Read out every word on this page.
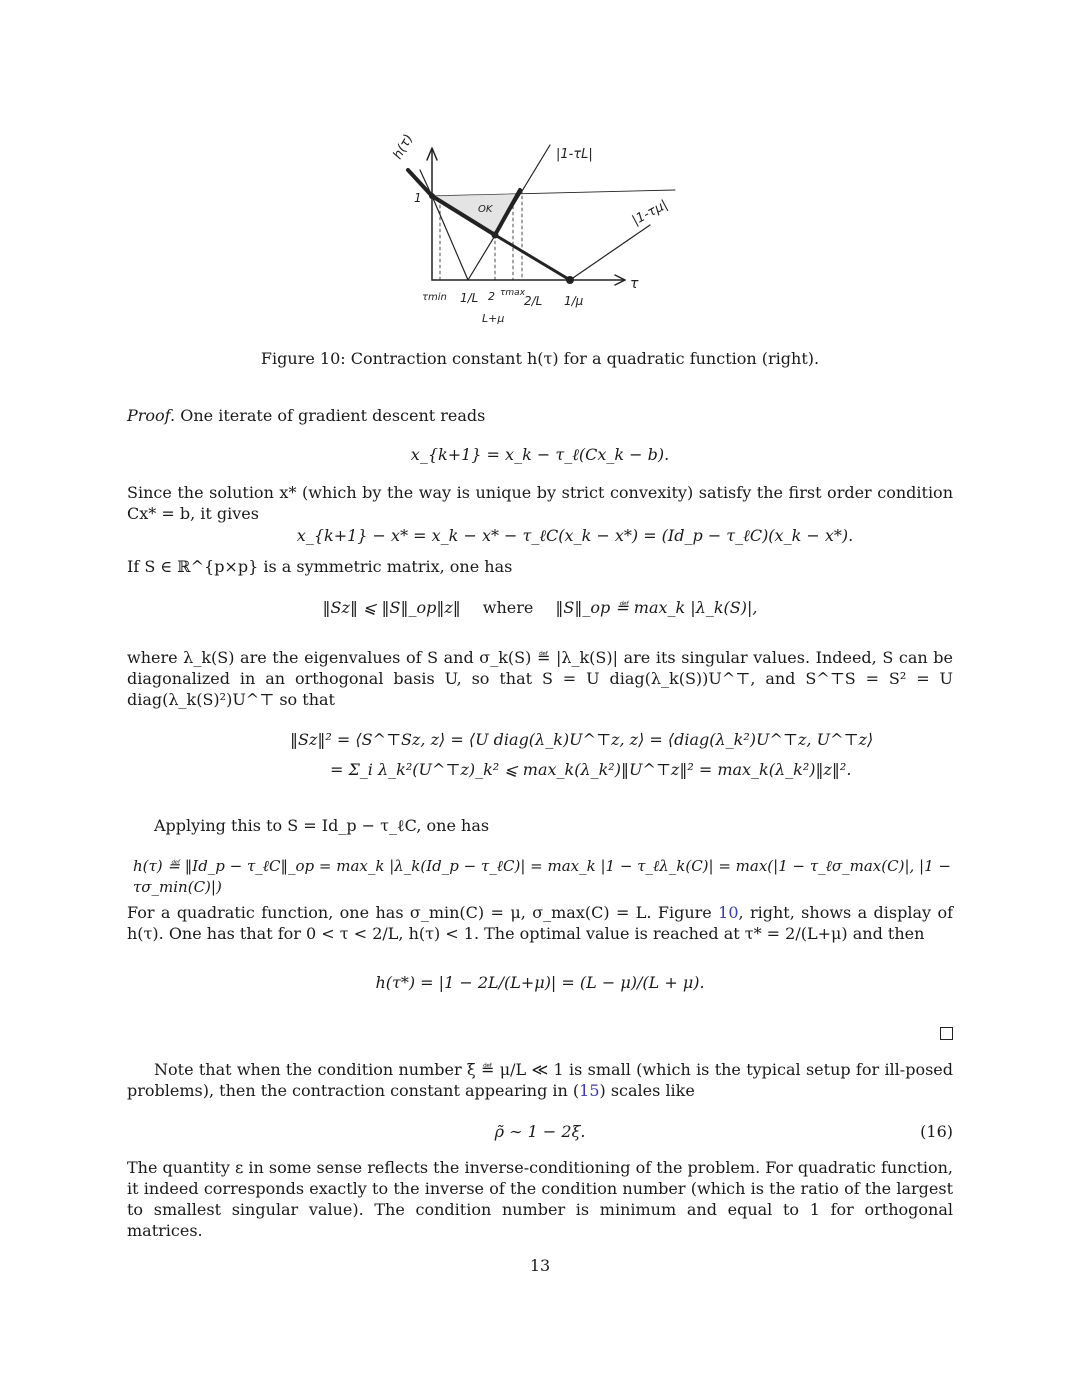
h(τ)
1
|1-τL|
|1-τμ|
τ
OK
τmin 1/L 2
L+μ
τmax
2/L 1/μ
Figure 10: Contraction constant h(τ) for a quadratic function (right).
Proof. One iterate of gradient descent reads
x_{k+1} = x_k − τ_ℓ(Cx_k − b).
Since the solution x* (which by the way is unique by strict convexity) satisfy the first order condition Cx* = b, it gives
x_{k+1} − x* = x_k − x* − τ_ℓC(x_k − x*) = (Id_p − τ_ℓC)(x_k − x*).
If S ∈ ℝ^{p×p} is a symmetric matrix, one has
‖Sz‖ ⩽ ‖S‖_op‖z‖ where ‖S‖_op ≝ max_k |λ_k(S)|,
where λ_k(S) are the eigenvalues of S and σ_k(S) ≝ |λ_k(S)| are its singular values. Indeed, S can be diagonalized in an orthogonal basis U, so that S = U diag(λ_k(S))U^⊤, and S^⊤S = S² = U diag(λ_k(S)²)U^⊤ so that
‖Sz‖² = ⟨S^⊤Sz, z⟩ = ⟨U diag(λ_k)U^⊤z, z⟩ = ⟨diag(λ_k²)U^⊤z, U^⊤z⟩
= Σ_i λ_k²(U^⊤z)_k² ⩽ max_k(λ_k²)‖U^⊤z‖² = max_k(λ_k²)‖z‖².
Applying this to S = Id_p − τ_ℓC, one has
h(τ) ≝ ‖Id_p − τ_ℓC‖_op = max_k |λ_k(Id_p − τ_ℓC)| = max_k |1 − τ_ℓλ_k(C)| = max(|1 − τ_ℓσ_max(C)|, |1 − τσ_min(C)|)
For a quadratic function, one has σ_min(C) = μ, σ_max(C) = L. Figure 10, right, shows a display of h(τ). One has that for 0 < τ < 2/L, h(τ) < 1. The optimal value is reached at τ* = 2/(L+μ) and then
h(τ*) = |1 − 2L/(L+μ)| = (L − μ)/(L + μ).
Note that when the condition number ξ ≝ μ/L ≪ 1 is small (which is the typical setup for ill-posed problems), then the contraction constant appearing in (15) scales like
ρ̃ ∼ 1 − 2ξ.	(16)
The quantity ε in some sense reflects the inverse-conditioning of the problem. For quadratic function, it indeed corresponds exactly to the inverse of the condition number (which is the ratio of the largest to smallest singular value). The condition number is minimum and equal to 1 for orthogonal matrices.
13
